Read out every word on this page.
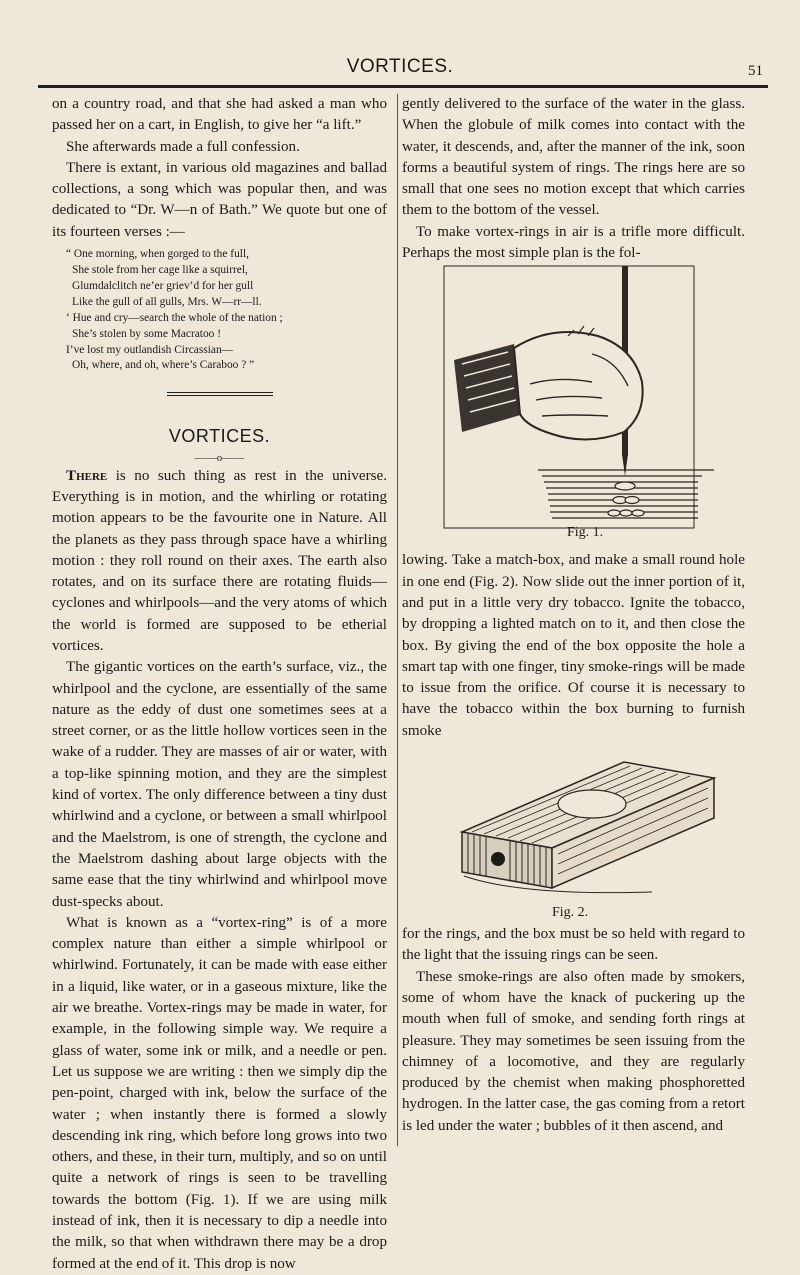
VORTICES.	51

on a country road, and that she had asked a man who passed her on a cart, in English, to give her “a lift.”

She afterwards made a full confession.

There is extant, in various old magazines and ballad collections, a song which was popular then, and was dedicated to “Dr. W—n of Bath.” We quote but one of its fourteen verses :—

“ One morning, when gorged to the full,
She stole from her cage like a squirrel,
Glumdalclitch ne’er griev’d for her gull
Like the gull of all gulls, Mrs. W—rr—ll.
‘ Hue and cry—search the whole of the nation ;
She’s stolen by some Macratoo !
I’ve lost my outlandish Circassian—
Oh, where, and oh, where’s Caraboo ? ”
VORTICES.
——o——

There is no such thing as rest in the universe. Everything is in motion, and the whirling or rotating motion appears to be the favourite one in Nature. All the planets as they pass through space have a whirling motion : they roll round on their axes. The earth also rotates, and on its surface there are rotating fluids—cyclones and whirlpools—and the very atoms of which the world is formed are supposed to be etherial vortices.

The gigantic vortices on the earth’s surface, viz., the whirlpool and the cyclone, are essentially of the same nature as the eddy of dust one sometimes sees at a street corner, or as the little hollow vortices seen in the wake of a rudder. They are masses of air or water, with a top-like spinning motion, and they are the simplest kind of vortex. The only difference between a tiny dust whirlwind and a cyclone, or between a small whirlpool and the Maelstrom, is one of strength, the cyclone and the Maelstrom dashing about large objects with the same ease that the tiny whirlwind and whirlpool move dust-specks about.

What is known as a “vortex-ring” is of a more complex nature than either a simple whirlpool or whirlwind. Fortunately, it can be made with ease either in a liquid, like water, or in a gaseous mixture, like the air we breathe. Vortex-rings may be made in water, for example, in the following simple way. We require a glass of water, some ink or milk, and a needle or pen. Let us suppose we are writing : then we simply dip the pen-point, charged with ink, below the surface of the water ; when instantly there is formed a slowly descending ink ring, which before long grows into two others, and these, in their turn, multiply, and so on until quite a network of rings is seen to be travelling towards the bottom (Fig. 1). If we are using milk instead of ink, then it is necessary to dip a needle into the milk, so that when withdrawn there may be a drop formed at the end of it. This drop is now

gently delivered to the surface of the water in the glass. When the globule of milk comes into contact with the water, it descends, and, after the manner of the ink, soon forms a beautiful system of rings. The rings here are so small that one sees no motion except that which carries them to the bottom of the vessel.

To make vortex-rings in air is a trifle more difficult. Perhaps the most simple plan is the fol-

Fig. 1.

lowing. Take a match-box, and make a small round hole in one end (Fig. 2). Now slide out the inner portion of it, and put in a little very dry tobacco. Ignite the tobacco, by dropping a lighted match on to it, and then close the box. By giving the end of the box opposite the hole a smart tap with one finger, tiny smoke-rings will be made to issue from the orifice. Of course it is necessary to have the tobacco within the box burning to furnish smoke

Fig. 2.

for the rings, and the box must be so held with regard to the light that the issuing rings can be seen.

These smoke-rings are also often made by smokers, some of whom have the knack of puckering up the mouth when full of smoke, and sending forth rings at pleasure. They may sometimes be seen issuing from the chimney of a locomotive, and they are regularly produced by the chemist when making phosphoretted hydrogen. In the latter case, the gas coming from a retort is led under the water ; bubbles of it then ascend, and
